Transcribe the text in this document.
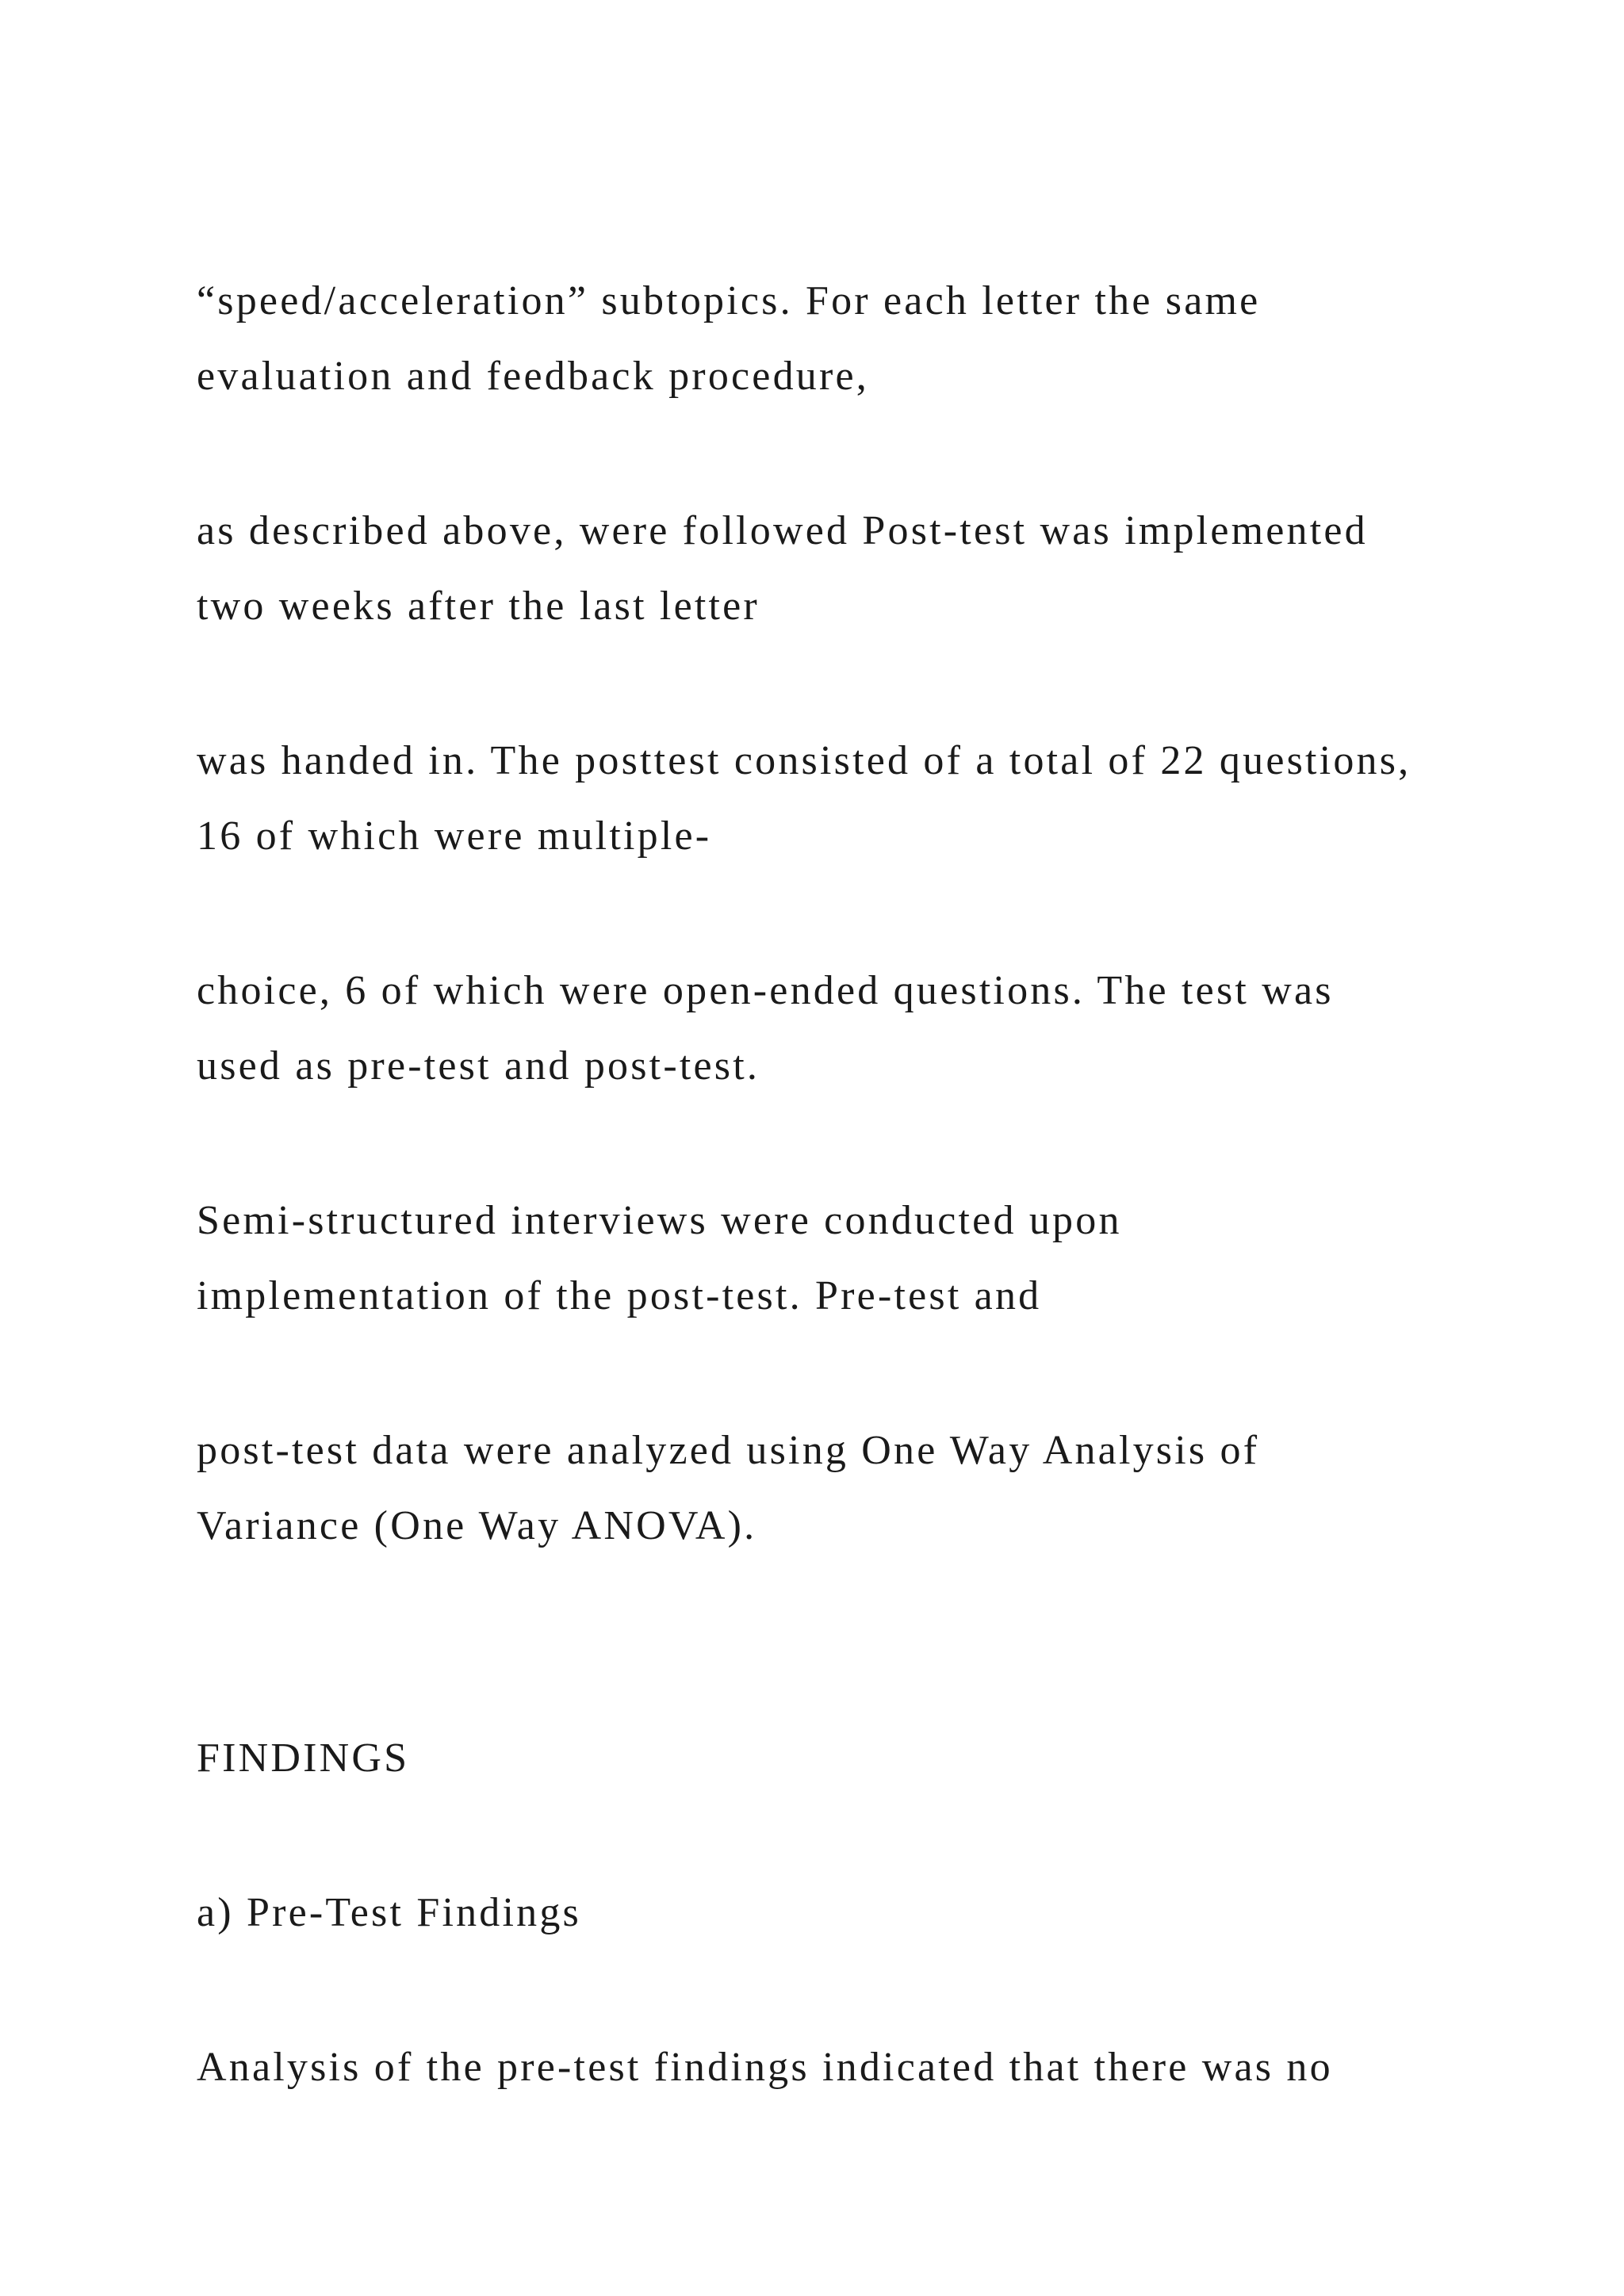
“speed/acceleration” subtopics. For each letter the same

evaluation and feedback procedure,

as described above, were followed Post-test was implemented

two weeks after the last letter

was handed in. The posttest consisted of a total of 22 questions,

16 of which were multiple-

choice, 6 of which were open-ended questions. The test was

used as pre-test and post-test.

Semi-structured interviews were conducted upon

implementation of the post-test. Pre-test and

post-test data were analyzed using One Way Analysis of

Variance (One Way ANOVA).

FINDINGS

a) Pre-Test Findings

Analysis of the pre-test findings indicated that there was no
